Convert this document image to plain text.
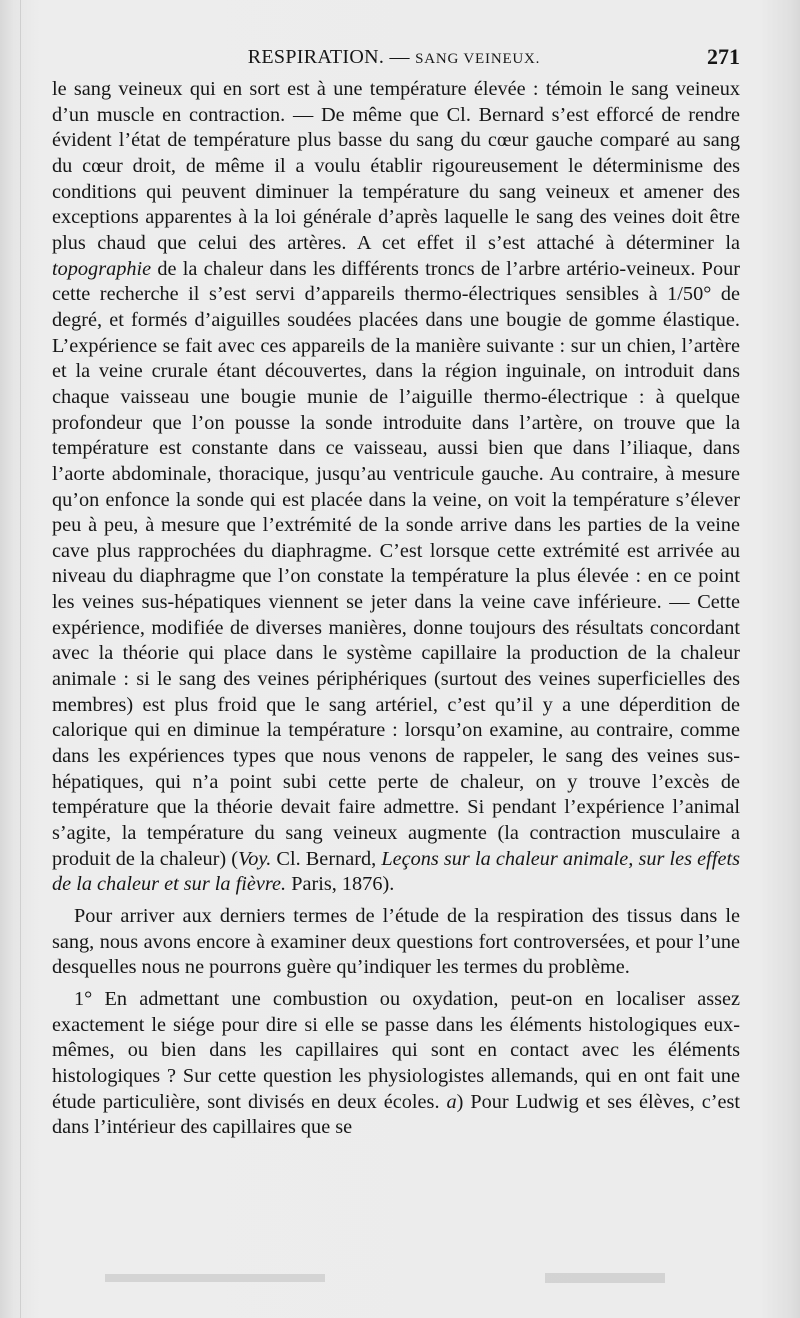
RESPIRATION. — SANG VEINEUX.	271

le sang veineux qui en sort est à une température élevée : témoin le sang veineux d’un muscle en contraction. — De même que Cl. Bernard s’est efforcé de rendre évident l’état de température plus basse du sang du cœur gauche comparé au sang du cœur droit, de même il a voulu établir rigoureusement le déterminisme des conditions qui peuvent diminuer la température du sang veineux et amener des exceptions apparentes à la loi générale d’après laquelle le sang des veines doit être plus chaud que celui des artères. A cet effet il s’est attaché à déterminer la topographie de la chaleur dans les différents troncs de l’arbre artério-veineux. Pour cette recherche il s’est servi d’appareils thermo-électriques sensibles à 1/50° de degré, et formés d’aiguilles soudées placées dans une bougie de gomme élastique. L’expérience se fait avec ces appareils de la manière suivante : sur un chien, l’artère et la veine crurale étant découvertes, dans la région inguinale, on introduit dans chaque vaisseau une bougie munie de l’aiguille thermo-électrique : à quelque profondeur que l’on pousse la sonde introduite dans l’artère, on trouve que la température est constante dans ce vaisseau, aussi bien que dans l’iliaque, dans l’aorte abdominale, thoracique, jusqu’au ventricule gauche. Au contraire, à mesure qu’on enfonce la sonde qui est placée dans la veine, on voit la température s’élever peu à peu, à mesure que l’extrémité de la sonde arrive dans les parties de la veine cave plus rapprochées du diaphragme. C’est lorsque cette extrémité est arrivée au niveau du diaphragme que l’on constate la température la plus élevée : en ce point les veines sus-hépatiques viennent se jeter dans la veine cave inférieure. — Cette expérience, modifiée de diverses manières, donne toujours des résultats concordant avec la théorie qui place dans le système capillaire la production de la chaleur animale : si le sang des veines périphériques (surtout des veines superficielles des membres) est plus froid que le sang artériel, c’est qu’il y a une déperdition de calorique qui en diminue la température : lorsqu’on examine, au contraire, comme dans les expériences types que nous venons de rappeler, le sang des veines sus-hépatiques, qui n’a point subi cette perte de chaleur, on y trouve l’excès de température que la théorie devait faire admettre. Si pendant l’expérience l’animal s’agite, la température du sang veineux augmente (la contraction musculaire a produit de la chaleur) (Voy. Cl. Bernard, Leçons sur la chaleur animale, sur les effets de la chaleur et sur la fièvre. Paris, 1876).

Pour arriver aux derniers termes de l’étude de la respiration des tissus dans le sang, nous avons encore à examiner deux questions fort controversées, et pour l’une desquelles nous ne pourrons guère qu’indiquer les termes du problème.

1° En admettant une combustion ou oxydation, peut-on en localiser assez exactement le siége pour dire si elle se passe dans les éléments histologiques eux-mêmes, ou bien dans les capillaires qui sont en contact avec les éléments histologiques ? Sur cette question les physiologistes allemands, qui en ont fait une étude particulière, sont divisés en deux écoles. a) Pour Ludwig et ses élèves, c’est dans l’intérieur des capillaires que se
